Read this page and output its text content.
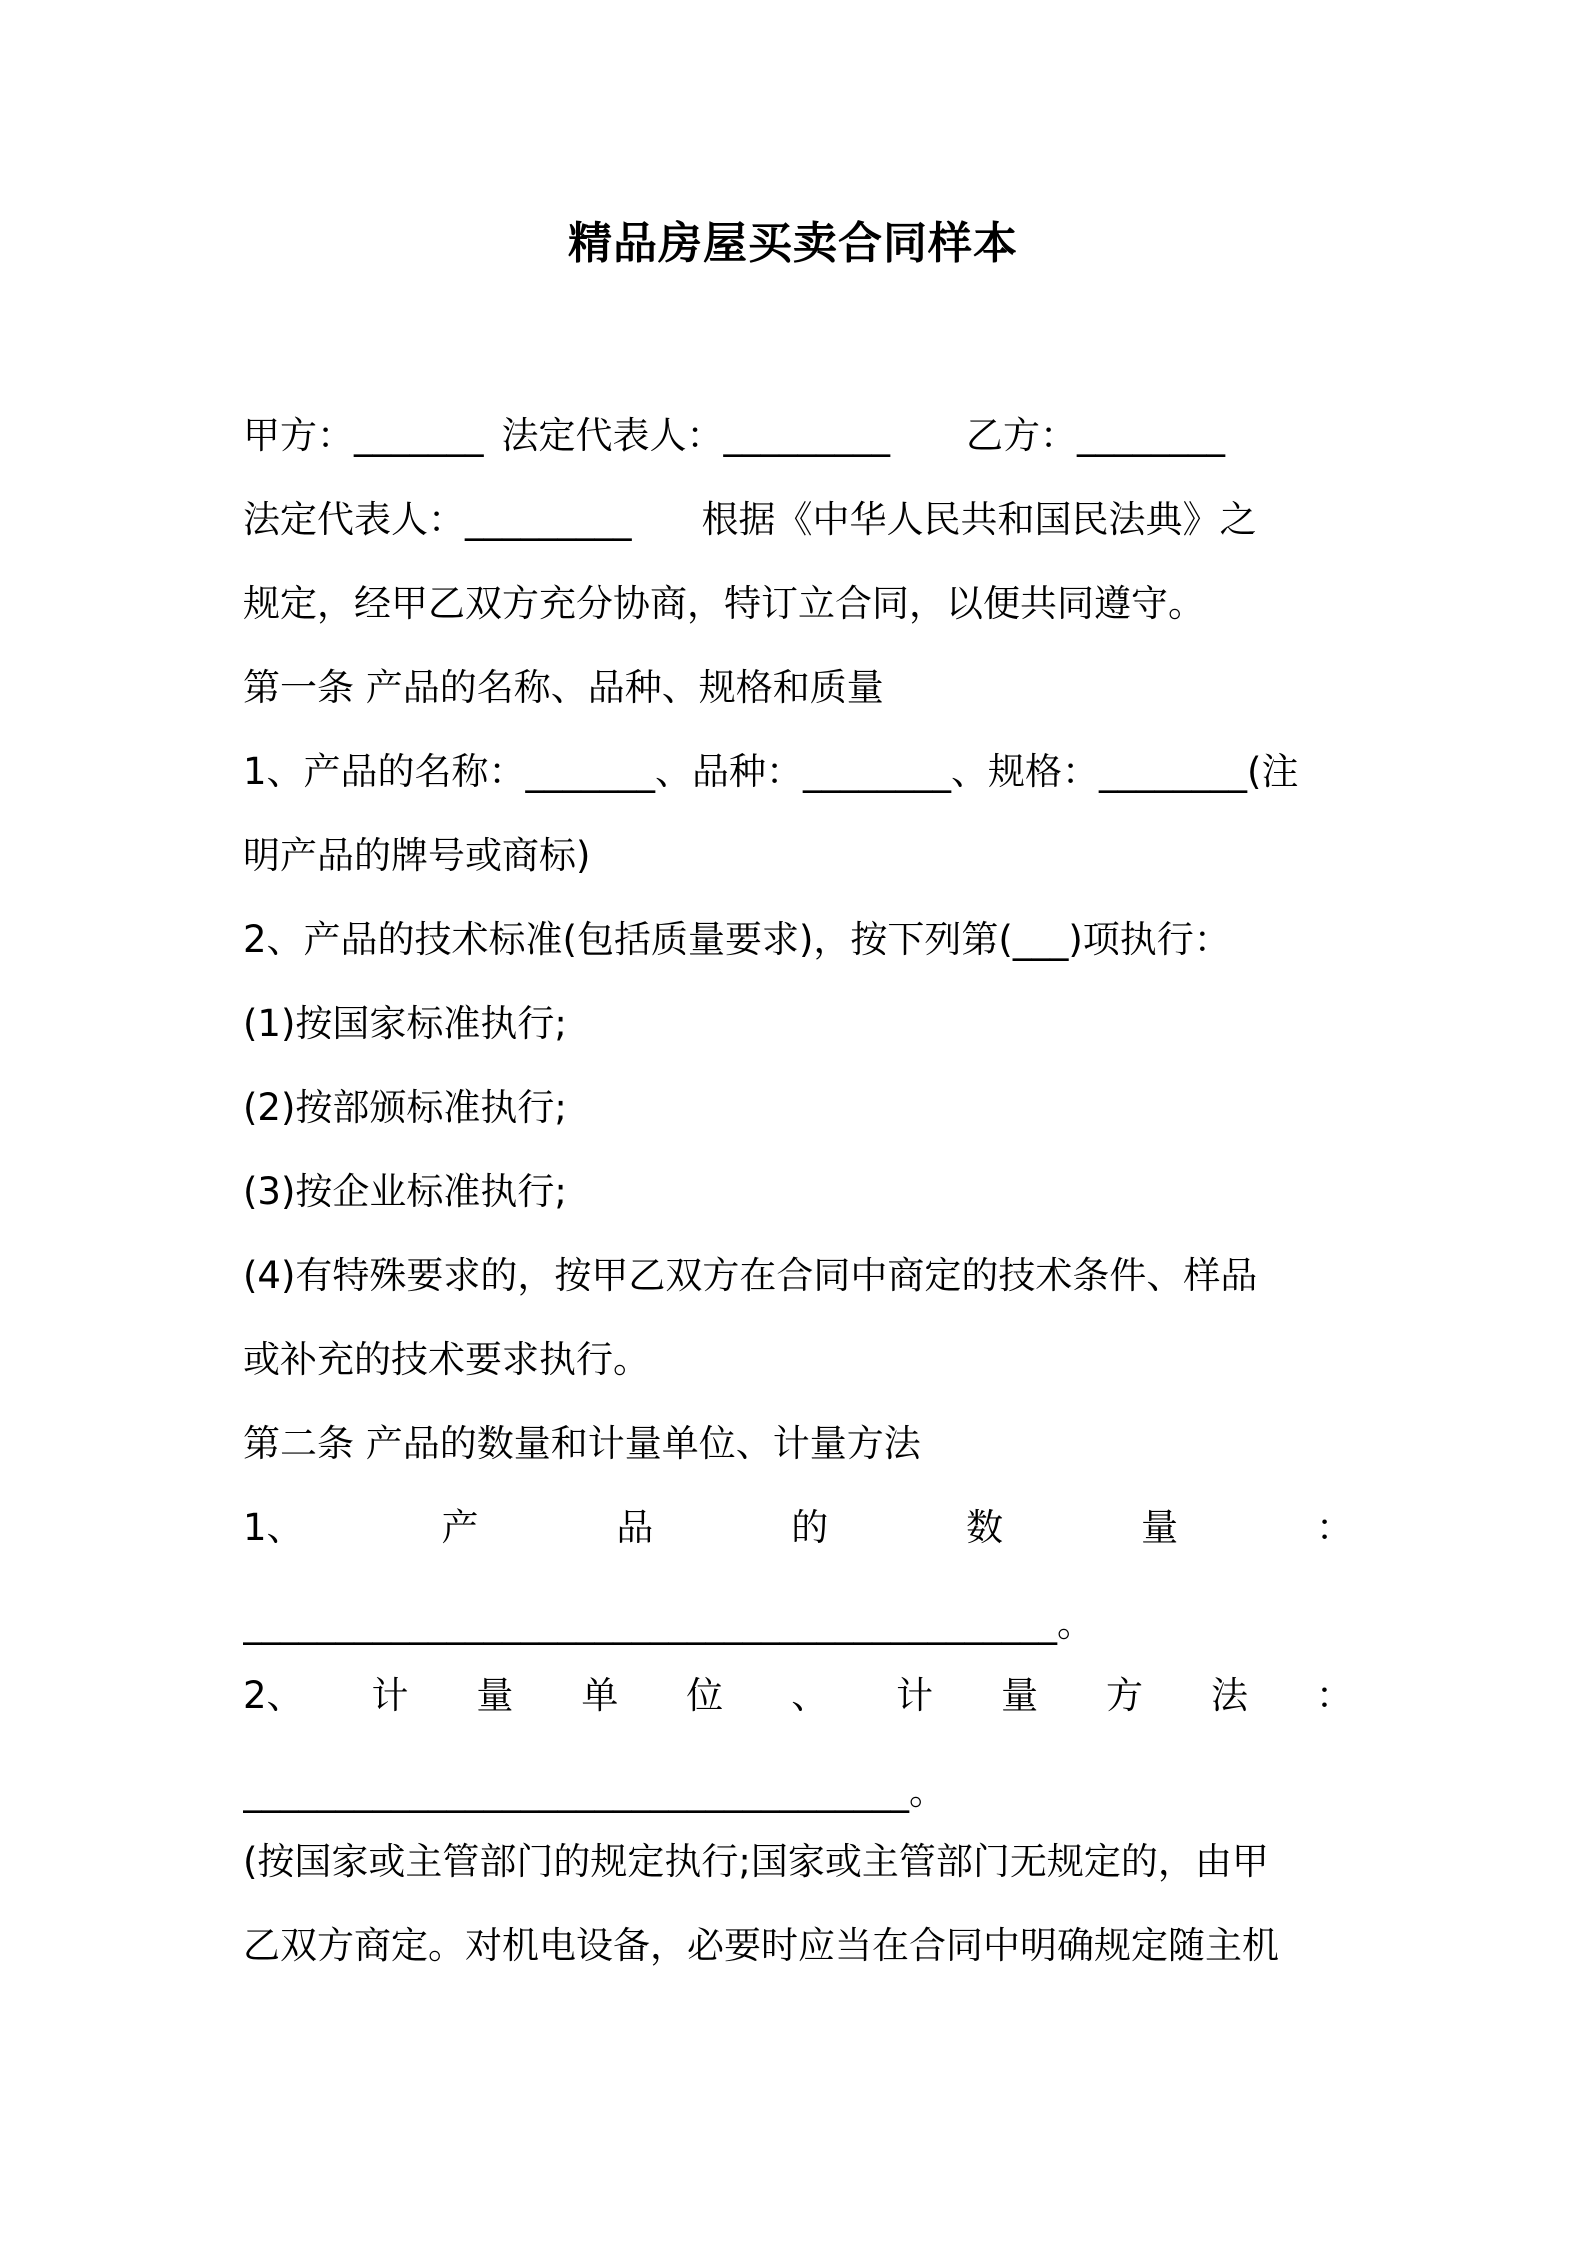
精品房屋买卖合同样本
甲方：_______ 法定代表人：_________ 乙方：________
法定代表人：_________ 根据《中华人民共和国民法典》之
规定，经甲乙双方充分协商，特订立合同，以便共同遵守。
第一条 产品的名称、品种、规格和质量
1、产品的名称：_______、品种：________、规格：________(注
明产品的牌号或商标)
2、产品的技术标准(包括质量要求)，按下列第(___)项执行：
(1)按国家标准执行;
(2)按部颁标准执行;
(3)按企业标准执行;
(4)有特殊要求的，按甲乙双方在合同中商定的技术条件、样品
或补充的技术要求执行。
第二条 产品的数量和计量单位、计量方法
1、	产	品	的	数	量	：
____________________________________________。
2、 计 量 单 位 、 计 量 方 法 ：
____________________________________。
(按国家或主管部门的规定执行;国家或主管部门无规定的，由甲
乙双方商定。对机电设备，必要时应当在合同中明确规定随主机
